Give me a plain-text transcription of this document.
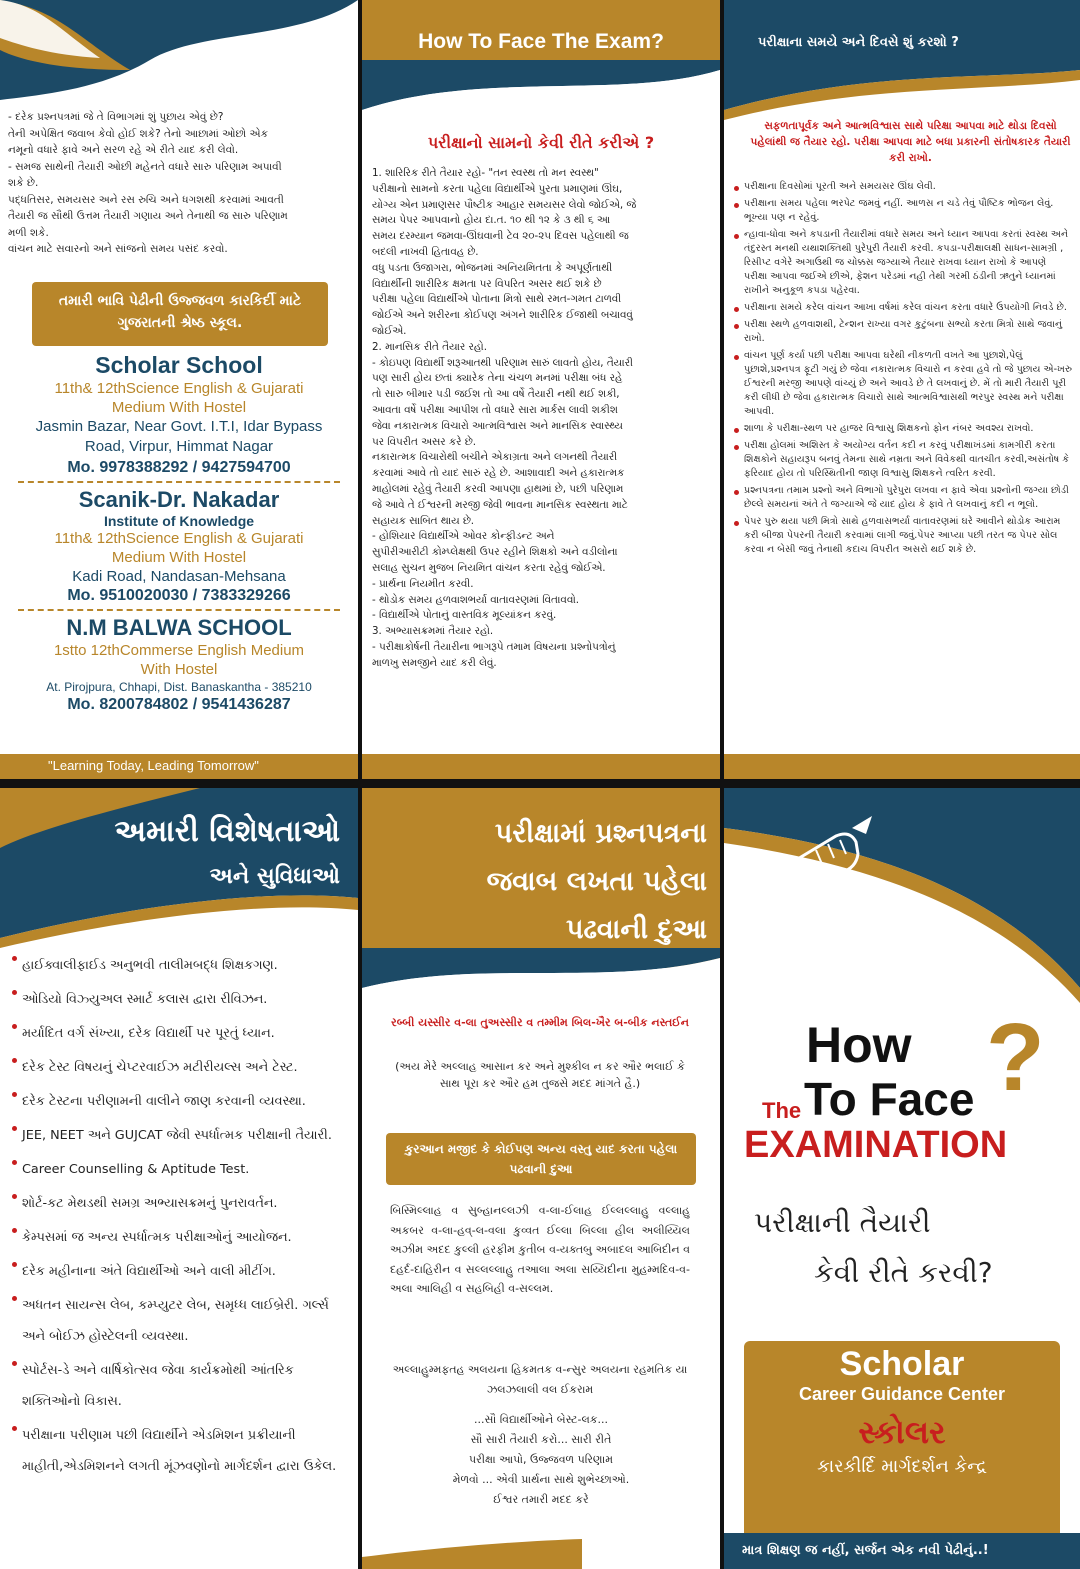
- દરેક પ્રશ્નપત્રમાં જે તે વિભાગમાં શું પુછાય એવું છે?
તેની અપેક્ષિત જવાબ કેવો હોઈ શકે? તેનો આછામાં ઓછો એક
નમૂનો વધારે ફાવે અને સરળ રહે એ રીતે યાદ કરી લેવો.
- સમજ સાથેની તૈયારી ઓછી મહેનતે વધારે સારુ પરિણામ અપાવી
શકે છે.
પદ્ધતિસર, સમયસર અને રસ રુચિ અને ધગશથી કરવામાં આવતી
તૈયારી જ સૌથી ઉત્તમ તૈયારી ગણાય અને તેનાથી જ સારુ પરિણામ
મળી શકે.
વાંચન માટે સવારનો અને સાંજનો સમય પસંદ કરવો.
તમારી ભાવિ પેઢીની ઉજ્જવળ કારકિર્દી માટે ગુજરાતની શ્રેષ્ઠ સ્કૂલ.
Scholar School
11th& 12thScience English & Gujarati Medium With Hostel
Jasmin Bazar, Near Govt. I.T.I, Idar Bypass Road, Virpur, Himmat Nagar
Mo. 9978388292 / 9427594700
Scanik-Dr. Nakadar
Institute of Knowledge
11th& 12thScience English & Gujarati Medium With Hostel
Kadi Road, Nandasan-Mehsana
Mo. 9510020030 / 7383329266
N.M BALWA SCHOOL
1stto 12thCommerse English Medium With Hostel
At. Pirojpura, Chhapi, Dist. Banaskantha - 385210
Mo. 8200784802 / 9541436287
"Learning Today, Leading Tomorrow"
How To Face The Exam?
પરીક્ષાનો સામનો કેવી રીતે કરીએ ?
1. શારિરિક રીતે તૈયાર રહો- "તન સ્વસ્થ તો મન સ્વસ્થ"
પરીક્ષાનો સામનો કરતા પહેલા વિદ્યાર્થીએ પુરતા પ્રમાણમાં ઊંઘ,
યોગ્ય એન પ્રમાણસર પૌષ્ટીક આહાર સમયસર લેવો જોઈએ, જે
સમય પેપર આપવાનો હોય દા.ત. ૧૦ થી ૧૨ કે ૩ થી ૬ આ
સમય દરમ્યાન જમવા-ઊંઘવાની ટેવ ૨૦-૨૫ દિવસ પહેલાથી જ
બદલી નાખવી હિતાવહ છે.
વધુ પડતા ઉજાગરા, ભોજનમાં અનિયમિતતા કે અપૂર્ણતાથી
વિદ્યાર્થીની શારીરિક ક્ષમતા પર વિપરિત અસર થઈ શકે છે
પરીક્ષા પહેલા વિદ્યાર્થીએ પોતાના મિત્રો સાથે રમત-ગમત ટાળવી
જોઈએ અને શરીરના કોઈપણ અંગને શારીરિક ઈજાથી બચાવવું
જોઈએ.
2. માનસિક રીતે તૈયાર રહો.
- કોઇપણ વિદ્યાર્થી શરૂઆતથી પરિણામ સારું લાવતો હોય, તૈયારી
પણ સારી હોય છતાં ક્યારેક તેના ચંચળ મનમાં પરીક્ષા બંધ રહે
તો સારુ બીમાર પડી જઈશ તો આ વર્ષે તૈયારી નથી થઈ શકી,
આવતા વર્ષે પરીક્ષા આપીશ તો વધારે સારા માર્કસ લાવી શકીશ
જેવા નકારાત્મક વિચારો આત્મવિશ્વાસ અને માનસિક સ્વાસ્થ્ય
પર વિપરીત અસર કરે છે.
નકારાત્મક વિચારોથી બચીને એકાગ્રતા અને લગનથી તૈયારી
કરવામાં આવે તો યાદ સારું રહે છે. આશાવાદી અને હકારાત્મક
માહોલમાં રહેવું તૈયારી કરવી આપણા હાથમાં છે, પછી પરિણામ
જે આવે તે ઈશ્વરની મરજી જેવી ભાવના માનસિક સ્વસ્થતા માટે
સહાયક સાબિત થાય છે.
- હોશિયાર વિદ્યાર્થીએ ઓવર કોન્ફીડન્ટ અને
સુપીરીઆરીટી કોમ્પ્લેક્ષથી ઉપર રહીને શિક્ષકો અને વડીલોના
સલાહ સુચન મુજબ નિયમિત વાંચન કરતા રહેવું જોઈએ.
- પ્રાર્થના નિયમીત કરવી.
- થોડોક સમય હળવાશભર્યા વાતાવરણમાં વિતાવવો.
- વિદ્યાર્થીએ પોતાનું વાસ્તવિક મૂલ્યાંકન કરવું.
3. અભ્યાસક્રમમાં તૈયાર રહો.
- પરીક્ષાકોર્ષની તૈયારીના ભાગરૂપે તમામ વિષયના પ્રશ્નોપત્રોનું
માળખુ સમજીને યાદ કરી લેવું.
પરીક્ષાના સમયે અને દિવસે શું કરશો ?
સફળતાપૂર્વક અને આત્મવિશ્વાસ સાથે પરિક્ષા આપવા માટે થોડા દિવસો પહેલાંથી જ તૈયાર રહો. પરીક્ષા આપવા માટે બધા પ્રકારની સંતોષકારક તૈયારી કરી રાખો.
પરીક્ષાના દિવસોમાં પૂરતી અને સમયસર ઊંઘ લેવી.
પરીક્ષાના સમય પહેલા ભરપેટ જમવું નહીં. આળસ ન ચડે તેવું પૌષ્ટિક ભોજન લેવું. ભૂખ્યા પણ ન રહેવું.
ન્હાવા-ધોવા અને કપડાની તૈયારીમાં વધારે સમય અને ધ્યાન આપવા કરતાં સ્વસ્થ અને તંદુરસ્ત મનથી યથાશક્તિથી પુરેપુરી તૈયારી કરવી. કપડા-પરીક્ષાલક્ષી સાધન-સામગ્રી , રિસીપ્ટ વગેરે અગાઉથી જ ચોક્કસ જગ્યાએ તૈયાર રાખવા ધ્યાન રાખો કે આપણે પરીક્ષા આપવા જઈએ છીએ, ફેશન પરેડમાં નહી તેથી ગરમી ઠંડીની ઋતુને ધ્યાનમાં રાખીને અનુકૂળ કપડા પહેરવા.
પરીક્ષાના સમયે કરેલ વાંચન આખા વર્ષમાં કરેલ વાંચન કરતા વધારે ઉપયોગી નિવડે છે.
પરીક્ષા સ્થળે હળવાશથી, ટેન્શન રાખ્યા વગર કુટુંબના સભ્યો કરતા મિત્રો સાથે જવાનું રાખો.
વાંચન પૂર્ણ કર્યા પછી પરીક્ષા આપવા ઘરેથી નીકળતી વખતે આ પુછાશે,પેલું પુછાશે,પ્રશ્નપત્ર ફૂટી ગયું છે જેવા નકારાત્મક વિચારો ન કરવા હવે તો જે પુછાય એ-ખરુ ઈશ્વરની મરજી આપણે વાંચ્યું છે અને આવડે છે તે લખવાનું છે. મેં તો મારી તૈયારી પૂરી કરી લીધી છે જેવા હકારાત્મક વિચારો સાથે આત્મવિશ્વાસથી ભરપુર સ્વસ્થ મને પરીક્ષા આપવી.
શાળા કે પરીક્ષા-સ્થળ પર હાજર વિશ્વાસુ શિક્ષકનો ફોન નંબર અવશ્ય રાખવો.
પરીક્ષા હોલમાં અશિસ્ત કે અયોગ્ય વર્તન કદી ન કરવું પરીક્ષાખંડમાં કામગીરી કરતા શિક્ષકોને સહાયરૂપ બનવું તેમના સાથે નમ્રતા અને વિવેકથી વાતચીત કરવી,અસંતોષ કે ફરિયાદ હોય તો પરિસ્થિતીની જાણ વિશ્વાસુ શિક્ષકને ત્વરિત કરવી.
પ્રશ્નપત્રના તમામ પ્રશ્નો અને વિભાગો પુરેપુરા લખવા ન ફાવે એવા પ્રશ્નોની જગ્યા છોડી છેલ્લે સમયનાં અંતે તે જગ્યાએ જે યાદ હોય કે ફાવે તે લખવાનું કદી ન ભૂલો.
પેપર પુરુ થયા પછી મિત્રો સાથે હળવાસભર્યા વાતાવરણમાં ઘરે આવીને થોડોક આરામ કરી બીજા પેપરની તૈયારી કરવામાં લાગી જવું.પેપર આપ્યા પછી તરત જ પેપર સોલ કરવા ન બેસી જવું તેનાથી કદાચ વિપરીત અસરો થઈ શકે છે.
અમારી વિશેષતાઓ
અને સુવિધાઓ
હાઈક્વાલીફાઈડ અનુભવી તાલીમબદ્ધ શિક્ષકગણ.
ઓડિયો વિઝ્યુઅલ સ્માર્ટ કલાસ દ્વારા રીવિઝન.
મર્યાદિત વર્ગ સંખ્યા, દરેક વિદ્યાર્થી પર પૂરતું ધ્યાન.
દરેક ટેસ્ટ વિષયનું ચેપ્ટરવાઈઝ મટીરીયલ્સ અને ટેસ્ટ.
દરેક ટેસ્ટના પરીણામની વાલીને જાણ કરવાની વ્યવસ્થા.
JEE, NEET અને GUJCAT જેવી સ્પર્ધાત્મક પરીક્ષાની તૈયારી.
Career Counselling & Aptitude Test.
શોર્ટ-કટ મેથડથી સમગ્ર અભ્યાસક્રમનું પુનરાવર્તન.
કેમ્પસમાં જ અન્ય સ્પર્ધાત્મક પરીક્ષાઓનું આયોજન.
દરેક મહીનાના અંતે વિદ્યાર્થીઓ અને વાલી મીટીંગ.
અધતન સાયન્સ લેબ, કમ્પ્યુટર લેબ, સમૃધ્ધ લાઈબ્રેરી. ગર્લ્સ અને બોઈઝ હોસ્ટેલની વ્યવસ્થા.
સ્પોર્ટસ-ડે અને વાર્ષિકોત્સવ જેવા કાર્યક્રમોથી આંતરિક શક્તિઓનો વિકાસ.
પરીક્ષાના પરીણામ પછી વિદ્યાર્થીને એડમિશન પ્રક્રીયાની માહીતી,એડમિશનને લગતી મૂંઝવણોનો માર્ગદર્શન દ્વારા ઉકેલ.
પરીક્ષામાં પ્રશ્નપત્રના
જવાબ લખતા પહેલા
પઢવાની દુઆ
રબ્બી યસ્સીર વ-લા તુઅસ્સીર વ તમ્મીમ બિલ-ખૈર બ-બીક નસ્તઈન
(અય મેરે અલ્લાહ આસાન કર અને મુશ્કીલ ન કર ઔર ભલાઈ કે સાથ પૂરા કર ઔર હમ તુજસે મદદ માંગતે હૈ.)
કુરઆન મજીદ કે કોઈપણ અન્ય વસ્તુ યાદ કરતા પહેલા પઢવાની દુઆ
બિસ્મિલ્લાહ વ સુબ્હાનલ્લઝી વ-લા-ઈલાહ ઈલ્લલ્લાહુ વલ્લાહુ અકબર વ-લા-હવ્-લ-વલા કુવ્વત ઈલ્લા બિલ્લા હીલ અલીય્યિલ અઝીમ અદદ કુલ્લી હરફીમ કુતીબ વ-યક્તબુ અબાદલ આબિદીન વ દહર્દ-દાહિરીન વ સલ્લલ્લાહુ તઆલા અલા સય્યિદીના મુહમ્મદિવ-વ-અલા આલિહી વ સહબિહી વ-સલ્લમ.
અલ્લાહુમ્મફતહ અલયના હિકમતક વ-ન્સુર અલયના રહમતિક યા ઝલઝલાલી વલ ઈકરામ
...સૌ વિદ્યાર્થીઓને બેસ્ટ-લક...
સૌ સારી તૈયારી કરો... સારી રીતે
પરીક્ષા આપો, ઉજ્જવળ પરિણામ
મેળવો ... એવી પ્રાર્થના સાથે શુભેચ્છાઓ.
ઈશ્વર તમારી મદદ કરે
How
The To Face ?
EXAMINATION
પરીક્ષાની તૈયારી
કેવી રીતે કરવી?
Scholar
Career Guidance Center
સ્કોલર
કારકીર્દિ માર્ગદર્શન કેન્દ્ર
માત્ર શિક્ષણ જ નહીં, સર્જન એક નવી પેઢીનું..!
